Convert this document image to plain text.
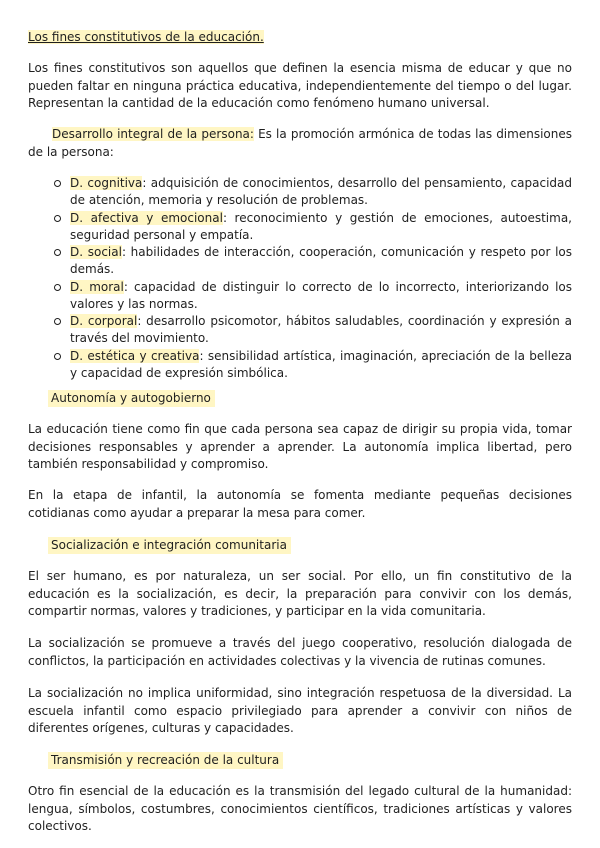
Los fines constitutivos de la educación.

Los fines constitutivos son aquellos que definen la esencia misma de educar y que no pueden faltar en ninguna práctica educativa, independientemente del tiempo o del lugar. Representan la cantidad de la educación como fenómeno humano universal.

Desarrollo integral de la persona: Es la promoción armónica de todas las dimensiones de la persona:

D. cognitiva: adquisición de conocimientos, desarrollo del pensamiento, capacidad de atención, memoria y resolución de problemas.
D. afectiva y emocional: reconocimiento y gestión de emociones, autoestima, seguridad personal y empatía.
D. social: habilidades de interacción, cooperación, comunicación y respeto por los demás.
D. moral: capacidad de distinguir lo correcto de lo incorrecto, interiorizando los valores y las normas.
D. corporal: desarrollo psicomotor, hábitos saludables, coordinación y expresión a través del movimiento.
D. estética y creativa: sensibilidad artística, imaginación, apreciación de la belleza y capacidad de expresión simbólica.
Autonomía y autogobierno

La educación tiene como fin que cada persona sea capaz de dirigir su propia vida, tomar decisiones responsables y aprender a aprender. La autonomía implica libertad, pero también responsabilidad y compromiso.

En la etapa de infantil, la autonomía se fomenta mediante pequeñas decisiones cotidianas como ayudar a preparar la mesa para comer.

Socialización e integración comunitaria

El ser humano, es por naturaleza, un ser social. Por ello, un fin constitutivo de la educación es la socialización, es decir, la preparación para convivir con los demás, compartir normas, valores y tradiciones, y participar en la vida comunitaria.

La socialización se promueve a través del juego cooperativo, resolución dialogada de conflictos, la participación en actividades colectivas y la vivencia de rutinas comunes.

La socialización no implica uniformidad, sino integración respetuosa de la diversidad. La escuela infantil como espacio privilegiado para aprender a convivir con niños de diferentes orígenes, culturas y capacidades.

Transmisión y recreación de la cultura

Otro fin esencial de la educación es la transmisión del legado cultural de la humanidad: lengua, símbolos, costumbres, conocimientos científicos, tradiciones artísticas y valores colectivos.
